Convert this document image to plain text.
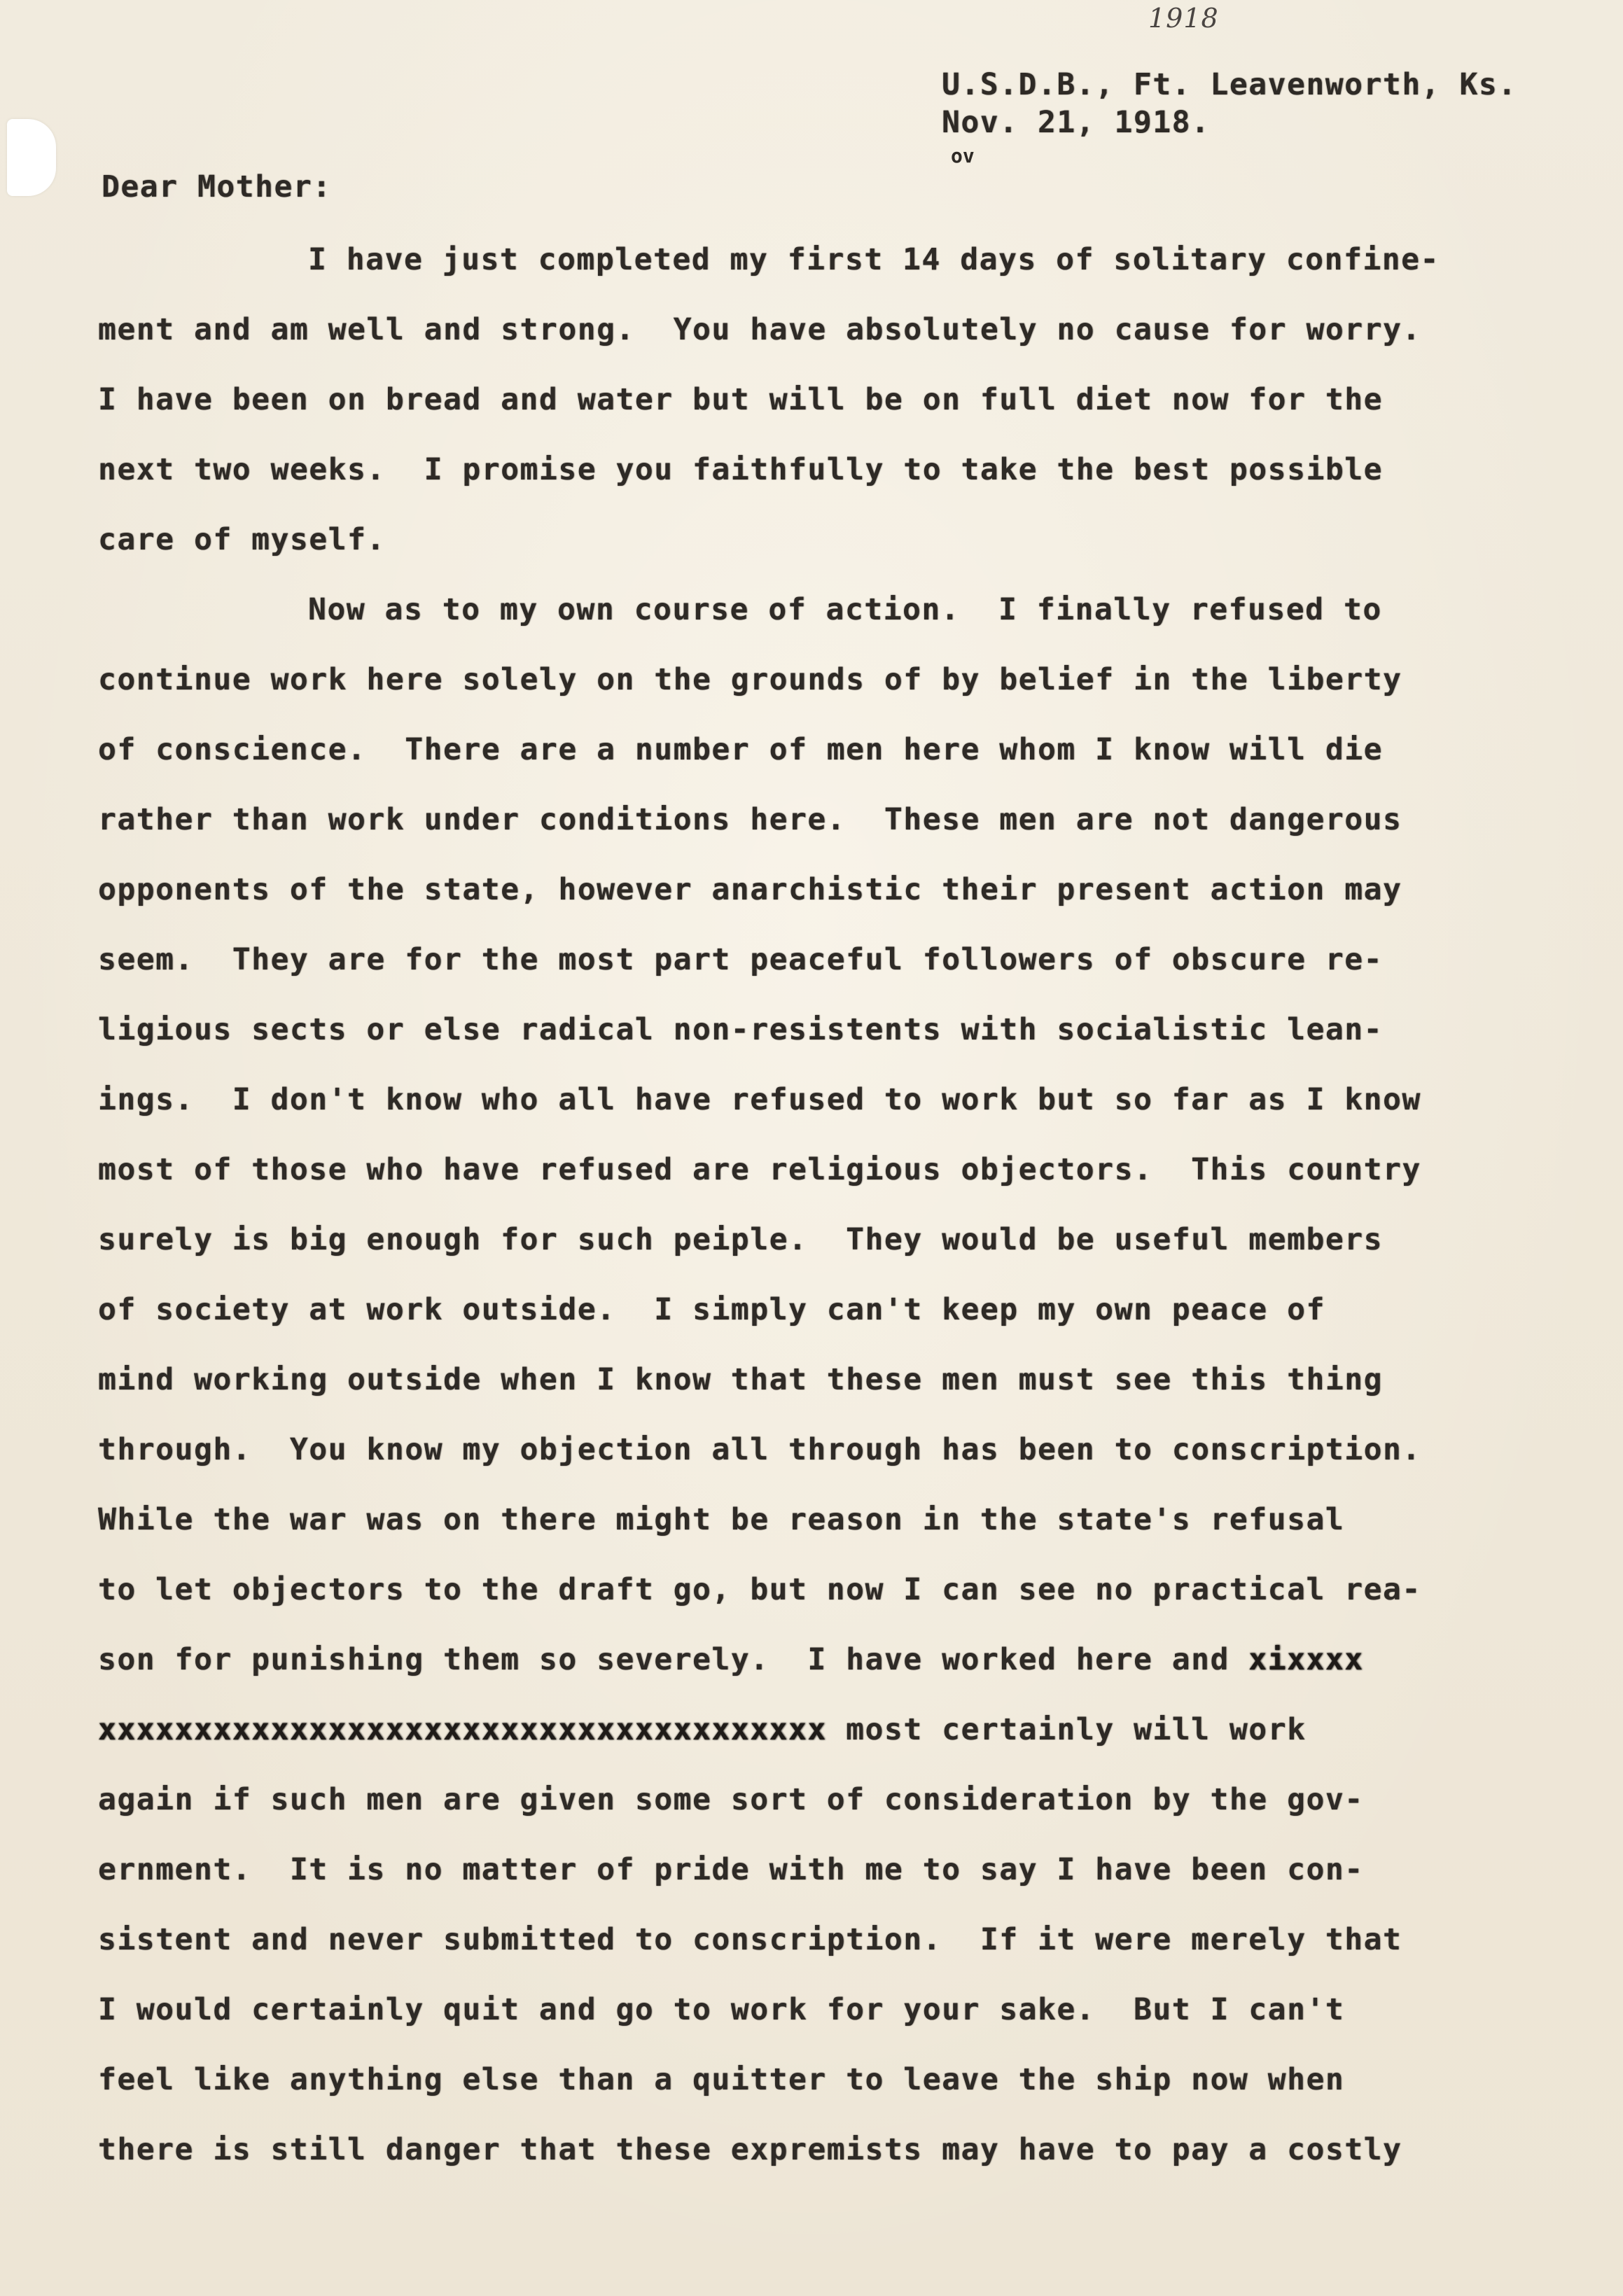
1918
U.S.D.B., Ft. Leavenworth, Ks.
Nov. 21, 1918.
ov
Dear Mother:
I have just completed my first 14 days of solitary confine-
ment and am well and strong.  You have absolutely no cause for worry.
I have been on bread and water but will be on full diet now for the
next two weeks.  I promise you faithfully to take the best possible
care of myself.
Now as to my own course of action.  I finally refused to
continue work here solely on the grounds of by belief in the liberty
of conscience.  There are a number of men here whom I know will die
rather than work under conditions here.  These men are not dangerous
opponents of the state, however anarchistic their present action may
seem.  They are for the most part peaceful followers of obscure re-
ligious sects or else radical non-resistents with socialistic lean-
ings.  I don't know who all have refused to work but so far as I know
most of those who have refused are religious objectors.  This country
surely is big enough for such peiple.  They would be useful members
of society at work outside.  I simply can't keep my own peace of
mind working outside when I know that these men must see this thing
through.  You know my objection all through has been to conscription.
While the war was on there might be reason in the state's refusal
to let objectors to the draft go, but now I can see no practical rea-
son for punishing them so severely.  I have worked here and xixxxx
xxxxxxxxxxxxxxxxxxxxxxxxxxxxxxxxxxxxxx most certainly will work
again if such men are given some sort of consideration by the gov-
ernment.  It is no matter of pride with me to say I have been con-
sistent and never submitted to conscription.  If it were merely that
I would certainly quit and go to work for your sake.  But I can't
feel like anything else than a quitter to leave the ship now when
there is still danger that these expremists may have to pay a costly
